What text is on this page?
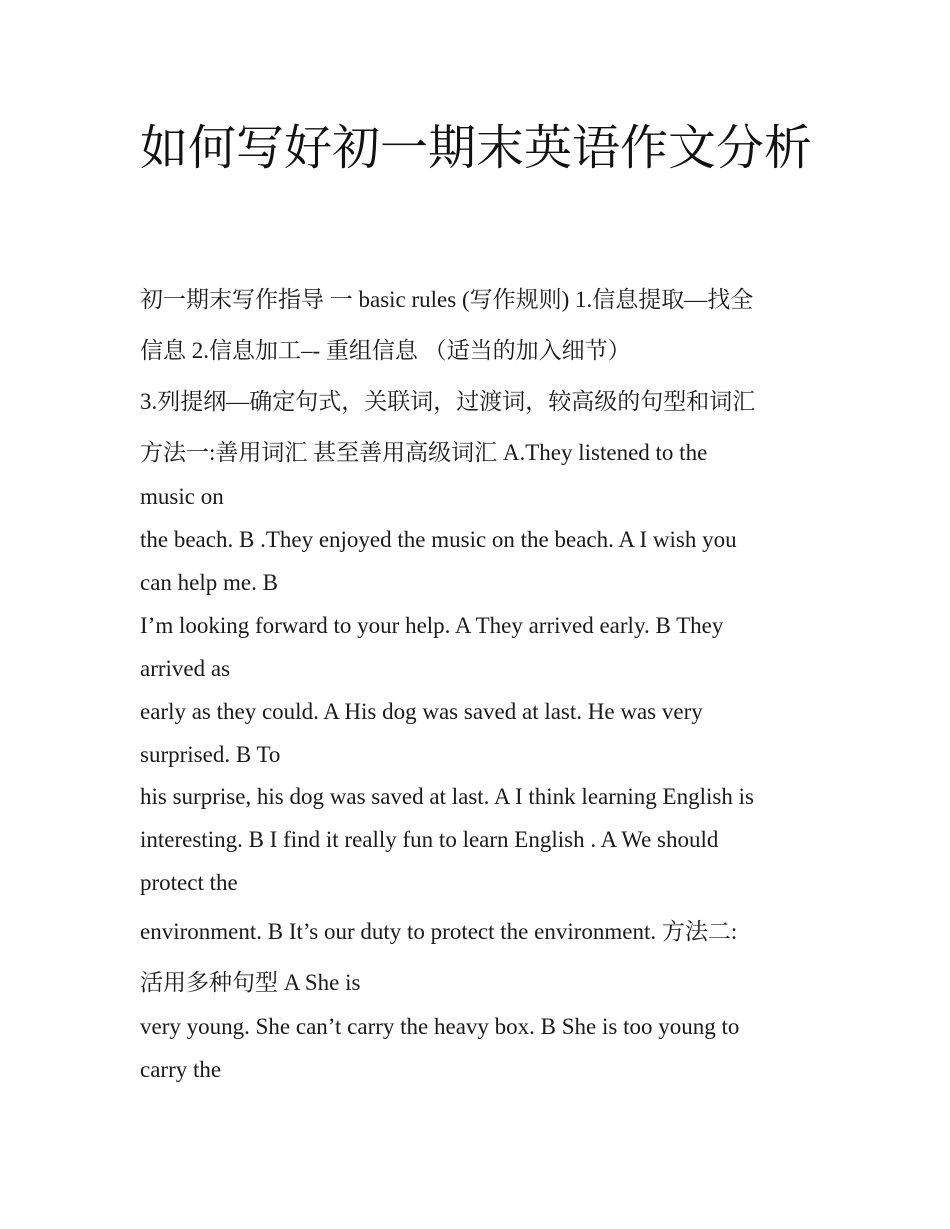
如何写好初一期末英语作文分析

初一期末写作指导 一 basic rules (写作规则) 1.信息提取—找全

信息 2.信息加工–- 重组信息 （适当的加入细节）

3.列提纲—确定句式，关联词，过渡词，较高级的句型和词汇

方法一:善用词汇 甚至善用高级词汇 A.They listened to the

music on

the beach. B .They enjoyed the music on the beach. A I wish you

can help me. B

I’m looking forward to your help. A They arrived early. B They

arrived as

early as they could. A His dog was saved at last. He was very

surprised. B To

his surprise, his dog was saved at last. A I think learning English is

interesting. B I find it really fun to learn English . A We should

protect the

environment. B It’s our duty to protect the environment. 方法二:

活用多种句型 A She is

very young. She can’t carry the heavy box. B She is too young to

carry the
